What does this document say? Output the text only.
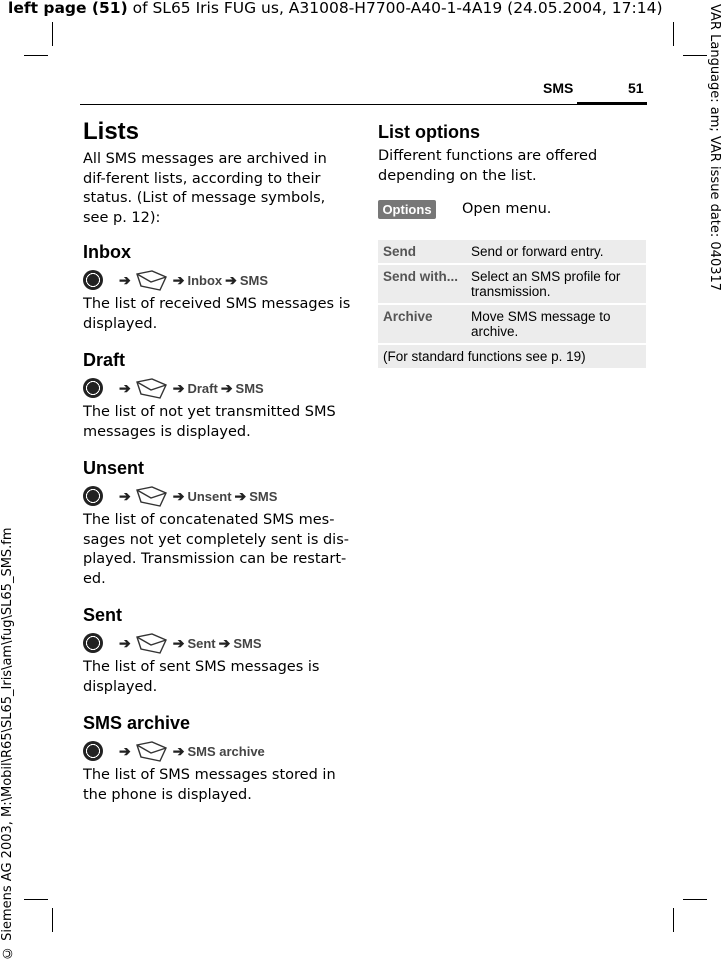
left page (51) of SL65 Iris FUG us, A31008-H7700-A40-1-4A19 (24.05.2004, 17:14)	VAR Language: am; VAR issue date: 040317
© Siemens AG 2003, M:\Mobil\R65\SL65_Iris\am\fug\SL65_SMS.fm
SMS	51
Lists

All SMS messages are archived in dif-ferent lists, according to their status. (List of message symbols, see p. 12):

Inbox
➔	➔ Inbox ➔ SMS

The list of received SMS messages is displayed.

Draft
➔	➔ Draft ➔ SMS

The list of not yet transmitted SMS messages is displayed.

Unsent
➔	➔ Unsent ➔ SMS

The list of concatenated SMS mes-sages not yet completely sent is dis-played. Transmission can be restart-ed.

Sent
➔	➔ Sent ➔ SMS

The list of sent SMS messages is displayed.

SMS archive
➔	➔ SMS archive

The list of SMS messages stored in the phone is displayed.

List options

Different functions are offered depending on the list.

Options	Open menu.
Send	Send or forward entry.
Send with...	Select an SMS profile for transmission.
Archive	Move SMS message to archive.
(For standard functions see p. 19)	
